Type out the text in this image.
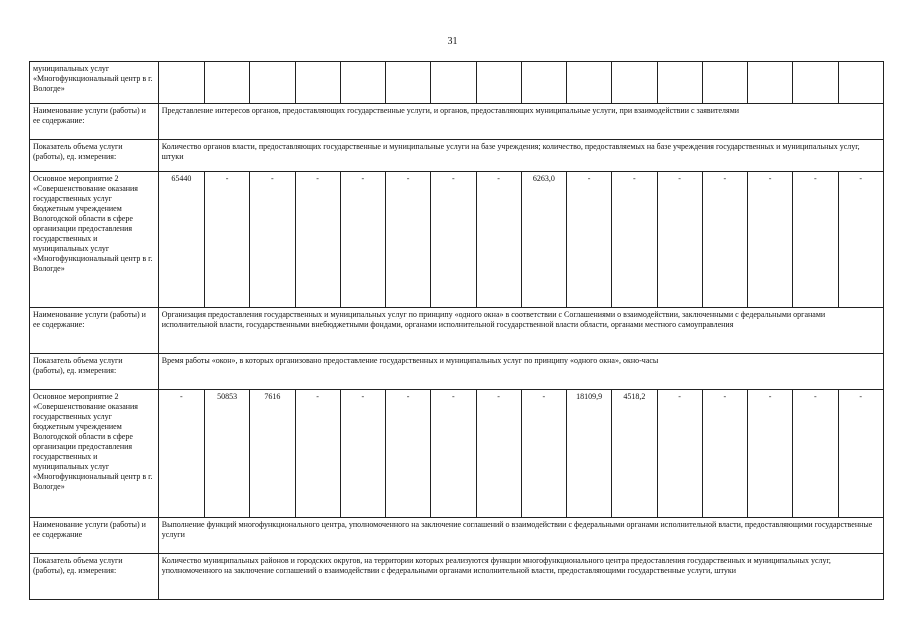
31
муниципальных услуг «Многофункциональный центр в г. Вологде»																
Наименование услуги (работы) и ее содержание:	Представление интересов органов, предоставляющих государственные услуги, и органов, предоставляющих муниципальные услуги, при взаимодействии с заявителями															
Показатель объема услуги (работы), ед. измерения:	Количество органов власти, предоставляющих государственные и муниципальные услуги на базе учреждения; количество, предоставляемых на базе учреждения государственных и муниципальных услуг, штуки															
Основное мероприятие 2 «Совершенствование оказания государственных услуг бюджетным учреждением Вологодской области в сфере организации предоставления государственных и муниципальных услуг «Многофункциональный центр в г. Вологде»	65440	-	-	-	-	-	-	-	6263,0	-	-	-	-	-	-	-
Наименование услуги (работы) и ее содержание:	Организация предоставления государственных и муниципальных услуг по принципу «одного окна» в соответствии с Соглашениями о взаимодействии, заключенными с федеральными органами исполнительной власти, государственными внебюджетными фондами, органами исполнительной государственной власти области, органами местного самоуправления															
Показатель объема услуги (работы), ед. измерения:	Время работы «окон», в которых организовано предоставление государственных и муниципальных услуг по принципу «одного окна», окно-часы															
Основное мероприятие 2 «Совершенствование оказания государственных услуг бюджетным учреждением Вологодской области в сфере организации предоставления государственных и муниципальных услуг «Многофункциональный центр в г. Вологде»	-	50853	7616	-	-	-	-	-	-	18109,9	4518,2	-	-	-	-	-
Наименование услуги (работы) и ее содержание	Выполнение функций многофункционального центра, уполномоченного на заключение соглашений о взаимодействии с федеральными органами исполнительной власти, предоставляющими государственные услуги															
Показатель объема услуги (работы), ед. измерения:	Количество муниципальных районов и городских округов, на территории которых реализуются функции многофункционального центра предоставления государственных и муниципальных услуг, уполномоченного на заключение соглашений о взаимодействии с федеральными органами исполнительной власти, предоставляющими государственные услуги, штуки															
